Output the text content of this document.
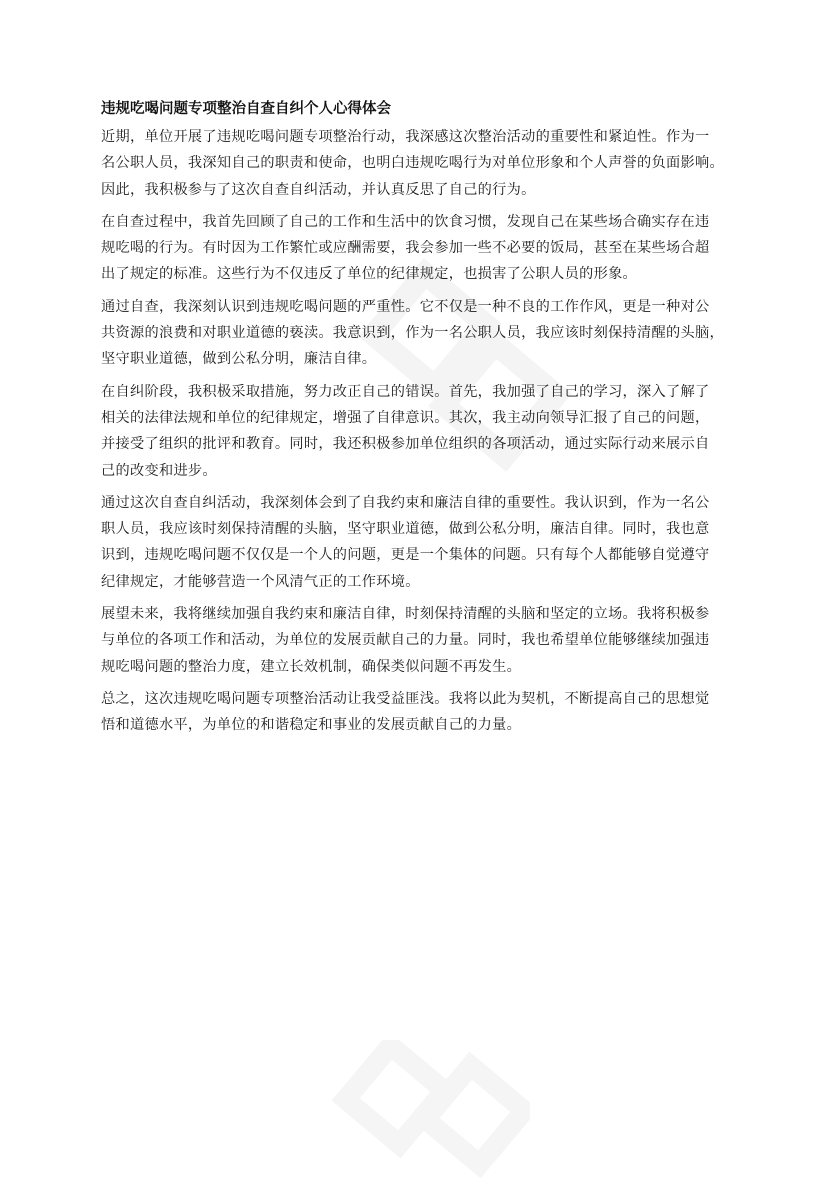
违规吃喝问题专项整治自查自纠个人心得体会
近期，单位开展了违规吃喝问题专项整治行动，我深感这次整治活动的重要性和紧迫性。作为一
名公职人员，我深知自己的职责和使命，也明白违规吃喝行为对单位形象和个人声誉的负面影响。
因此，我积极参与了这次自查自纠活动，并认真反思了自己的行为。
在自查过程中，我首先回顾了自己的工作和生活中的饮食习惯，发现自己在某些场合确实存在违
规吃喝的行为。有时因为工作繁忙或应酬需要，我会参加一些不必要的饭局，甚至在某些场合超
出了规定的标准。这些行为不仅违反了单位的纪律规定，也损害了公职人员的形象。
通过自查，我深刻认识到违规吃喝问题的严重性。它不仅是一种不良的工作作风，更是一种对公
共资源的浪费和对职业道德的亵渎。我意识到，作为一名公职人员，我应该时刻保持清醒的头脑，
坚守职业道德，做到公私分明，廉洁自律。
在自纠阶段，我积极采取措施，努力改正自己的错误。首先，我加强了自己的学习，深入了解了
相关的法律法规和单位的纪律规定，增强了自律意识。其次，我主动向领导汇报了自己的问题，
并接受了组织的批评和教育。同时，我还积极参加单位组织的各项活动，通过实际行动来展示自
己的改变和进步。
通过这次自查自纠活动，我深刻体会到了自我约束和廉洁自律的重要性。我认识到，作为一名公
职人员，我应该时刻保持清醒的头脑，坚守职业道德，做到公私分明，廉洁自律。同时，我也意
识到，违规吃喝问题不仅仅是一个人的问题，更是一个集体的问题。只有每个人都能够自觉遵守
纪律规定，才能够营造一个风清气正的工作环境。
展望未来，我将继续加强自我约束和廉洁自律，时刻保持清醒的头脑和坚定的立场。我将积极参
与单位的各项工作和活动，为单位的发展贡献自己的力量。同时，我也希望单位能够继续加强违
规吃喝问题的整治力度，建立长效机制，确保类似问题不再发生。
总之，这次违规吃喝问题专项整治活动让我受益匪浅。我将以此为契机，不断提高自己的思想觉
悟和道德水平，为单位的和谐稳定和事业的发展贡献自己的力量。
